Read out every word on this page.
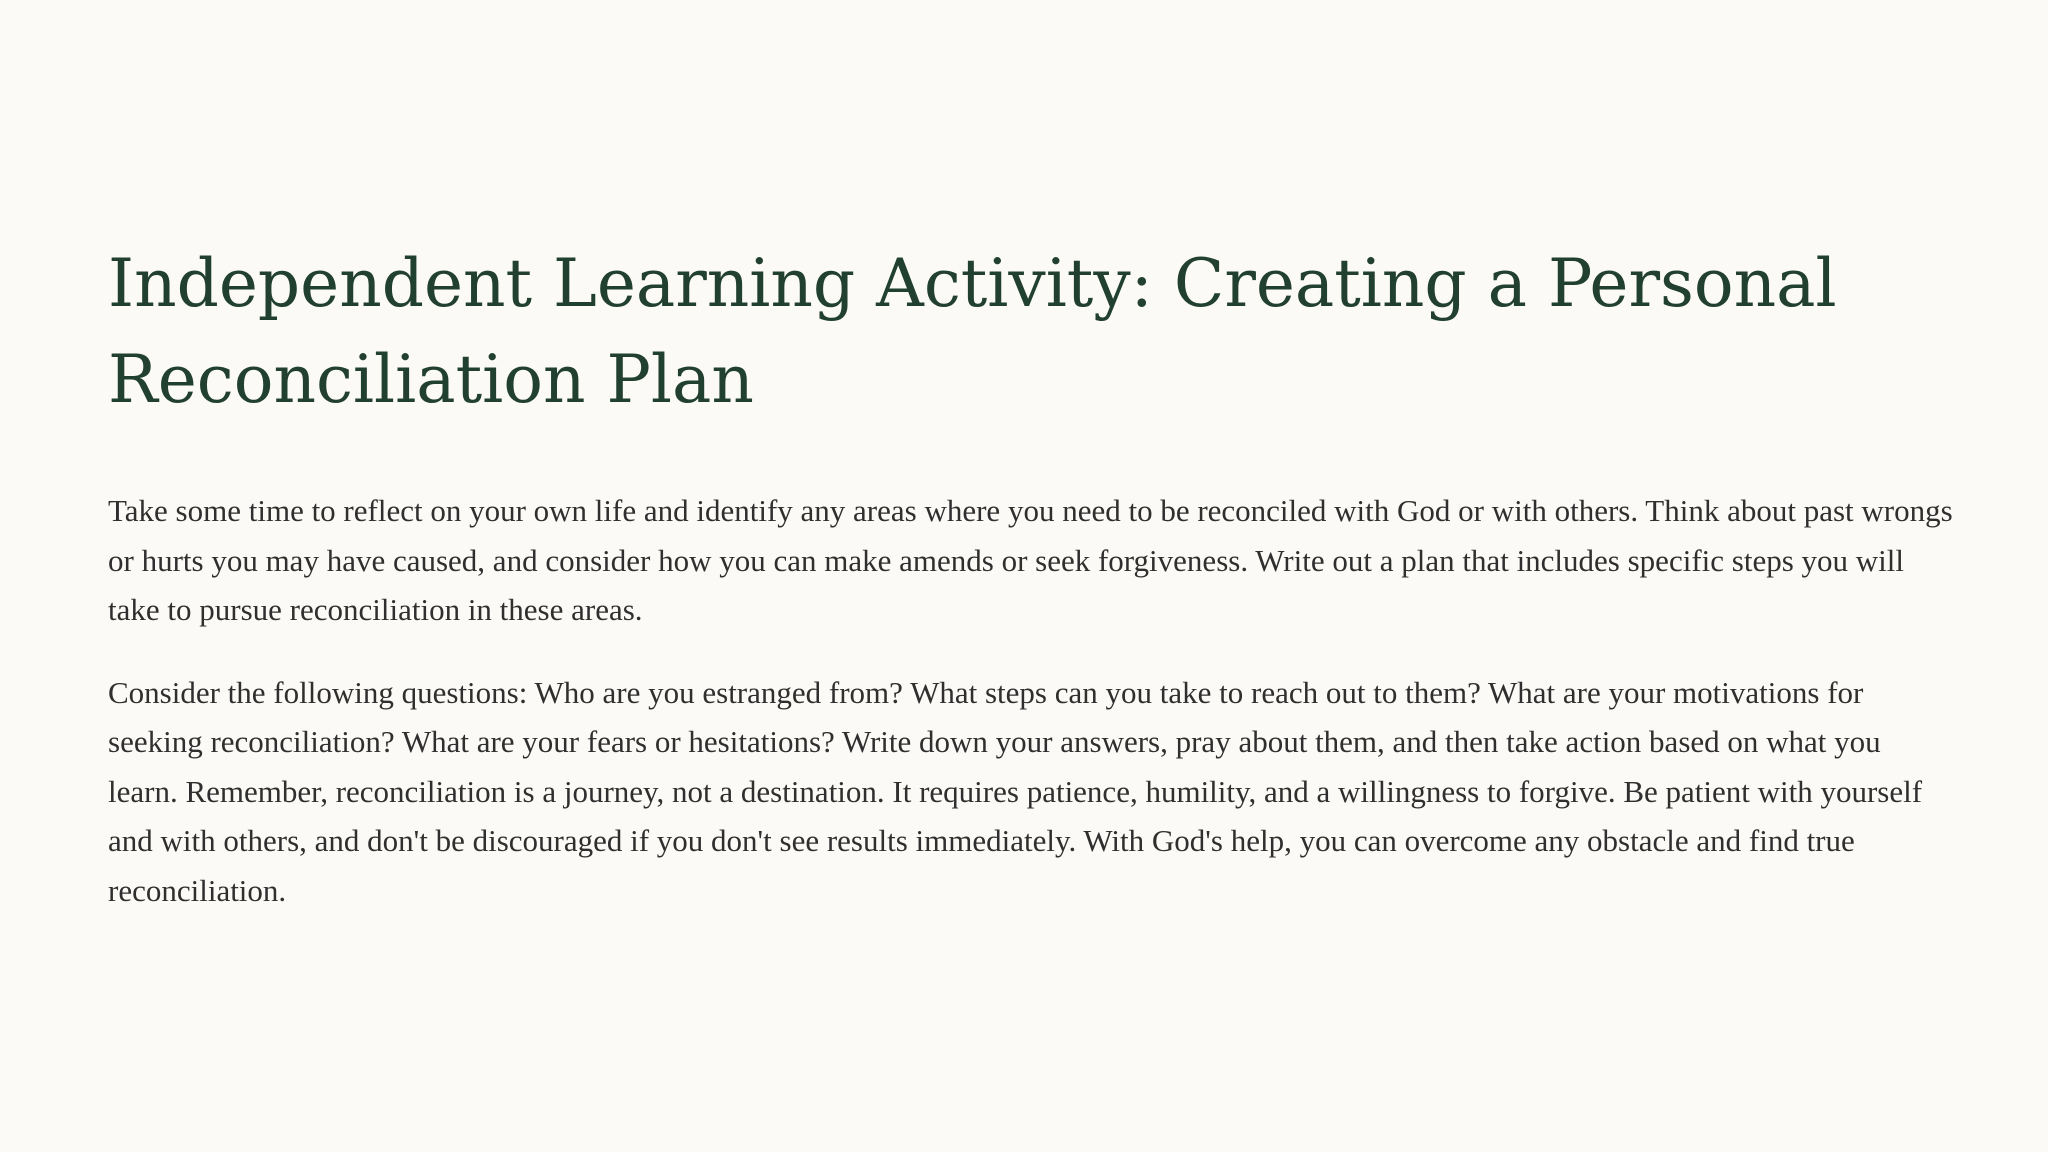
Independent Learning Activity: Creating a Personal Reconciliation Plan

Take some time to reflect on your own life and identify any areas where you need to be reconciled with God or with others. Think about past wrongs or hurts you may have caused, and consider how you can make amends or seek forgiveness. Write out a plan that includes specific steps you will take to pursue reconciliation in these areas.

Consider the following questions: Who are you estranged from? What steps can you take to reach out to them? What are your motivations for seeking reconciliation? What are your fears or hesitations? Write down your answers, pray about them, and then take action based on what you learn. Remember, reconciliation is a journey, not a destination. It requires patience, humility, and a willingness to forgive. Be patient with yourself and with others, and don't be discouraged if you don't see results immediately. With God's help, you can overcome any obstacle and find true reconciliation.
